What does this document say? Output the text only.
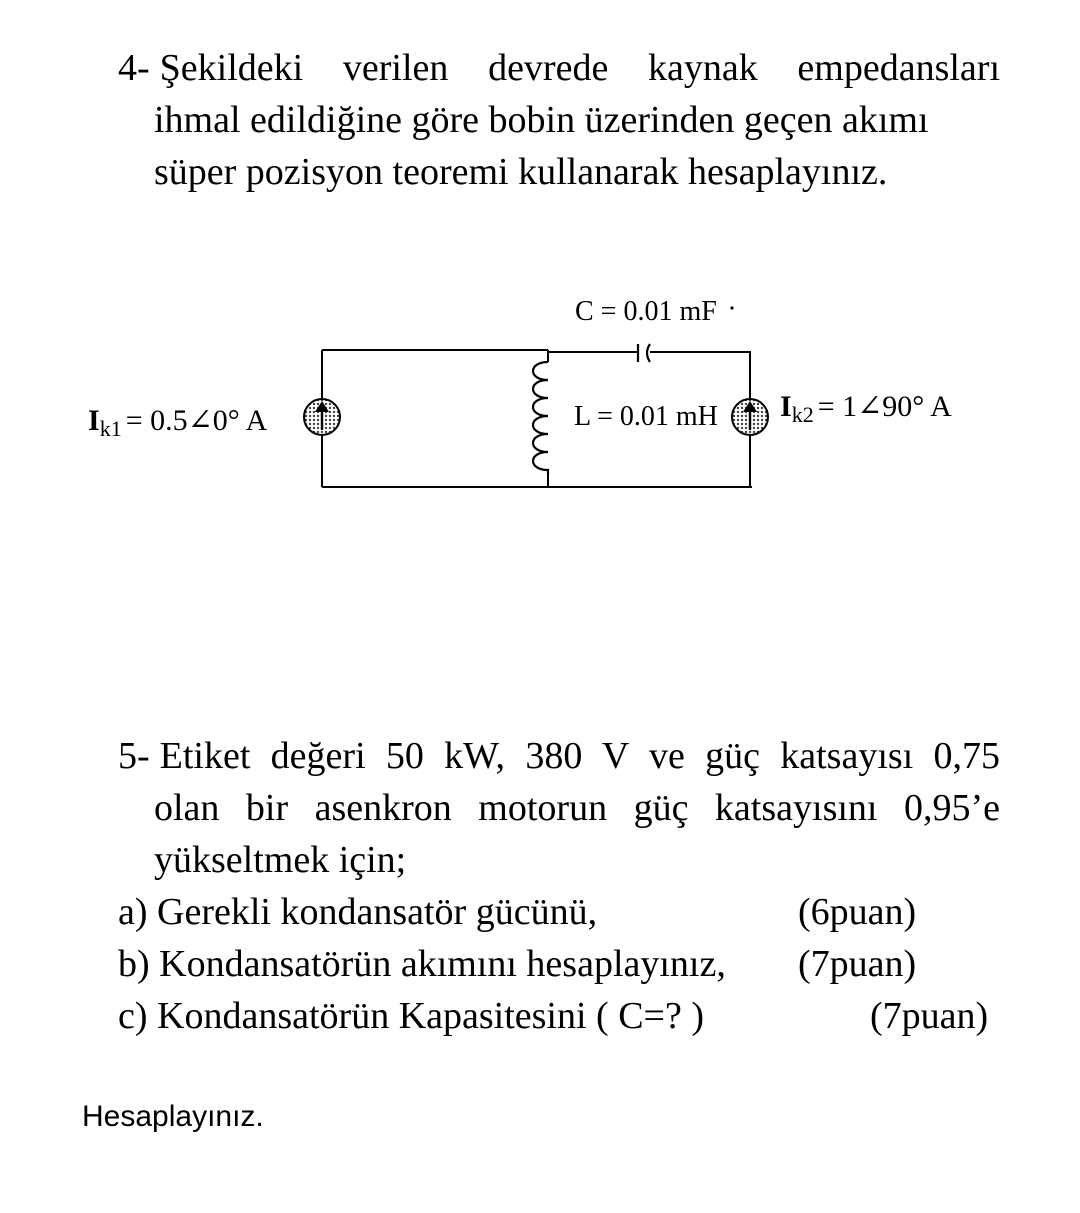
4- Şekildeki verilen devrede kaynak empedansları
ihmal edildiğine göre bobin üzerinden geçen akımı
süper pozisyon teoremi kullanarak hesaplayınız.
C = 0.01 mF
L = 0.01 mH
$I_{k1}$ = 0.5∠0° A	$I_{k2}$ = 1∠90° A
5- Etiket değeri 50 kW, 380 V ve güç katsayısı 0,75
olan bir asenkron motorun güç katsayısını 0,95’e
yükseltmek için;
a) Gerekli kondansatör gücünü,	(6puan)
b) Kondansatörün akımını hesaplayınız, (7puan)
c) Kondansatörün Kapasitesini ( C=? )	(7puan)
Hesaplayınız.
